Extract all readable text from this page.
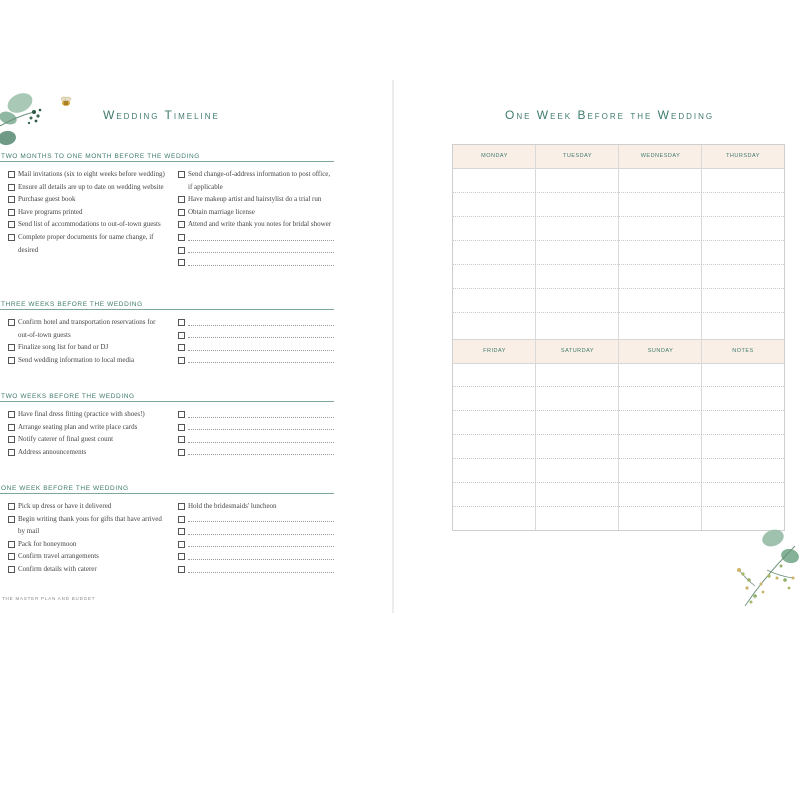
Wedding Timeline
TWO MONTHS TO ONE MONTH BEFORE THE WEDDING
Mail invitations (six to eight weeks before wedding)
Ensure all details are up to date on wedding website
Purchase guest book
Have programs printed
Send list of accommodations to out-of-town guests
Complete proper documents for name change, if desired
Send change-of-address information to post office, if applicable
Have makeup artist and hairstylist do a trial run
Obtain marriage license
Attend and write thank you notes for bridal shower
THREE WEEKS BEFORE THE WEDDING
Confirm hotel and transportation reservations for out-of-town guests
Finalize song list for band or DJ
Send wedding information to local media
TWO WEEKS BEFORE THE WEDDING
Have final dress fitting (practice with shoes!)
Arrange seating plan and write place cards
Notify caterer of final guest count
Address announcements
ONE WEEK BEFORE THE WEDDING
Pick up dress or have it delivered
Begin writing thank yous for gifts that have arrived by mail
Pack for honeymoon
Confirm travel arrangements
Confirm details with caterer
Hold the bridesmaids' luncheon
THE MASTER PLAN AND BUDGET
One Week Before the Wedding
MONDAY	TUESDAY	WEDNESDAY	THURSDAY
FRIDAY	SATURDAY	SUNDAY	NOTES
